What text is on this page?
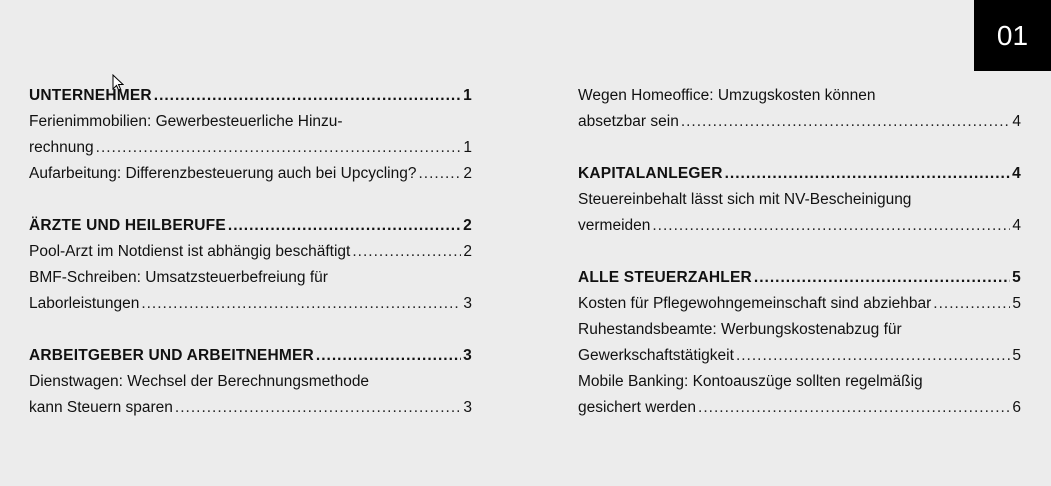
01
UNTERNEHMER .....	1
Ferienimmobilien: Gewerbesteuerliche Hinzu-
rechnung .....	1
Aufarbeitung: Differenzbesteuerung auch bei Upcycling? .....	2
ÄRZTE UND HEILBERUFE .....	2
Pool-Arzt im Notdienst ist abhängig beschäftigt .....	2
BMF-Schreiben: Umsatzsteuerbefreiung für
Laborleistungen .....	3
ARBEITGEBER UND ARBEITNEHMER .....	3
Dienstwagen: Wechsel der Berechnungsmethode
kann Steuern sparen .....	3
Wegen Homeoffice: Umzugskosten können
absetzbar sein .....	4
KAPITALANLEGER .....	4
Steuereinbehalt lässt sich mit NV-Bescheinigung
vermeiden .....	4
ALLE STEUERZAHLER .....	5
Kosten für Pflegewohngemeinschaft sind abziehbar .....	5
Ruhestandsbeamte: Werbungskostenabzug für
Gewerkschaftstätigkeit .....	5
Mobile Banking: Kontoauszüge sollten regelmäßig
gesichert werden .....	6
